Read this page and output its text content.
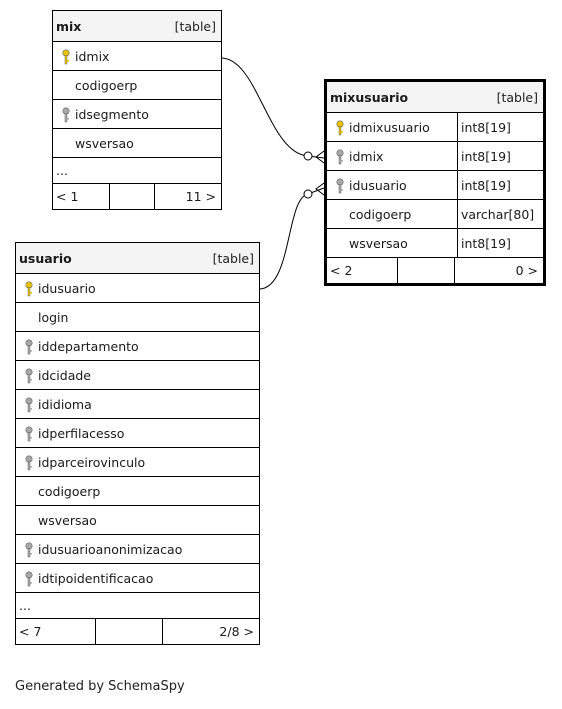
mix	[table]
idmix
codigoerp
idsegmento
wsversao
...
< 1	11 >
mixusuario	[table]
idmixusuario	int8[19]
idmix	int8[19]
idusuario	int8[19]
codigoerp	varchar[80]
wsversao	int8[19]
< 2	0 >
usuario	[table]
idusuario
login
iddepartamento
idcidade
ididioma
idperfilacesso
idparceirovinculo
codigoerp
wsversao
idusuarioanonimizacao
idtipoidentificacao
...
< 7	2/8 >
Generated by SchemaSpy
